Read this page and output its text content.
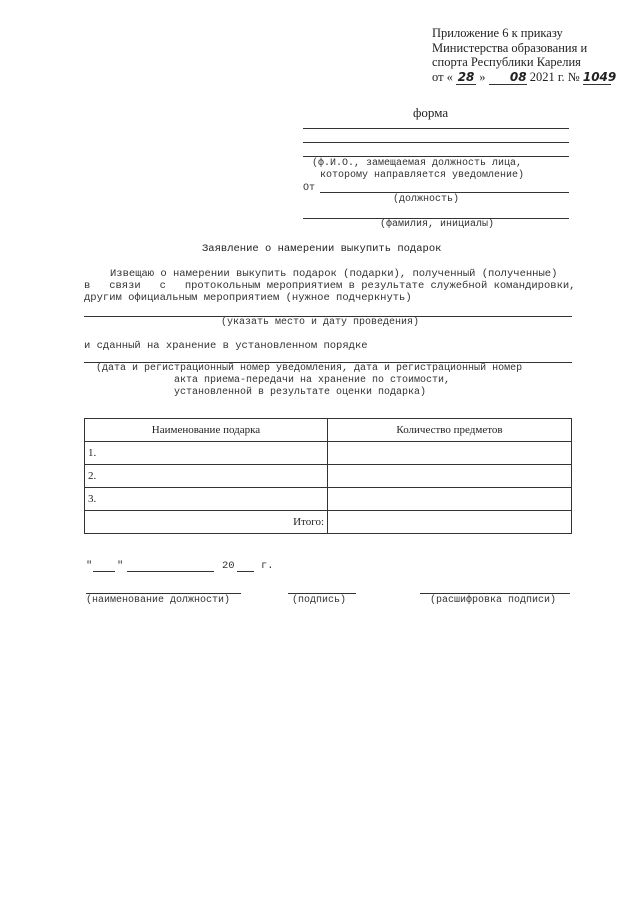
Приложение 6 к приказу
Министерства образования и
спорта Республики Карелия
от « 28 » 08 2021 г. № 1049
форма
(ф.И.О., замещаемая должность лица,
которому направляется уведомление)
От
(должность)
(фамилия, инициалы)
Заявление о намерении выкупить подарок
Извещаю о намерении выкупить подарок (подарки), полученный (полученные)
в   связи   с   протокольным мероприятием в результате служебной командировки,
другим официальным мероприятием (нужное подчеркнуть)
(указать место и дату проведения)
и сданный на хранение в установленном порядке
(дата и регистрационный номер уведомления, дата и регистрационный номер
акта приема-передачи на хранение по стоимости,
установленной в результате оценки подарка)
Наименование подарка	Количество предметов
1.	
2.	
3.	
Итого:	
" "	20	г.
(наименование должности)	(подпись)	(расшифровка подписи)
